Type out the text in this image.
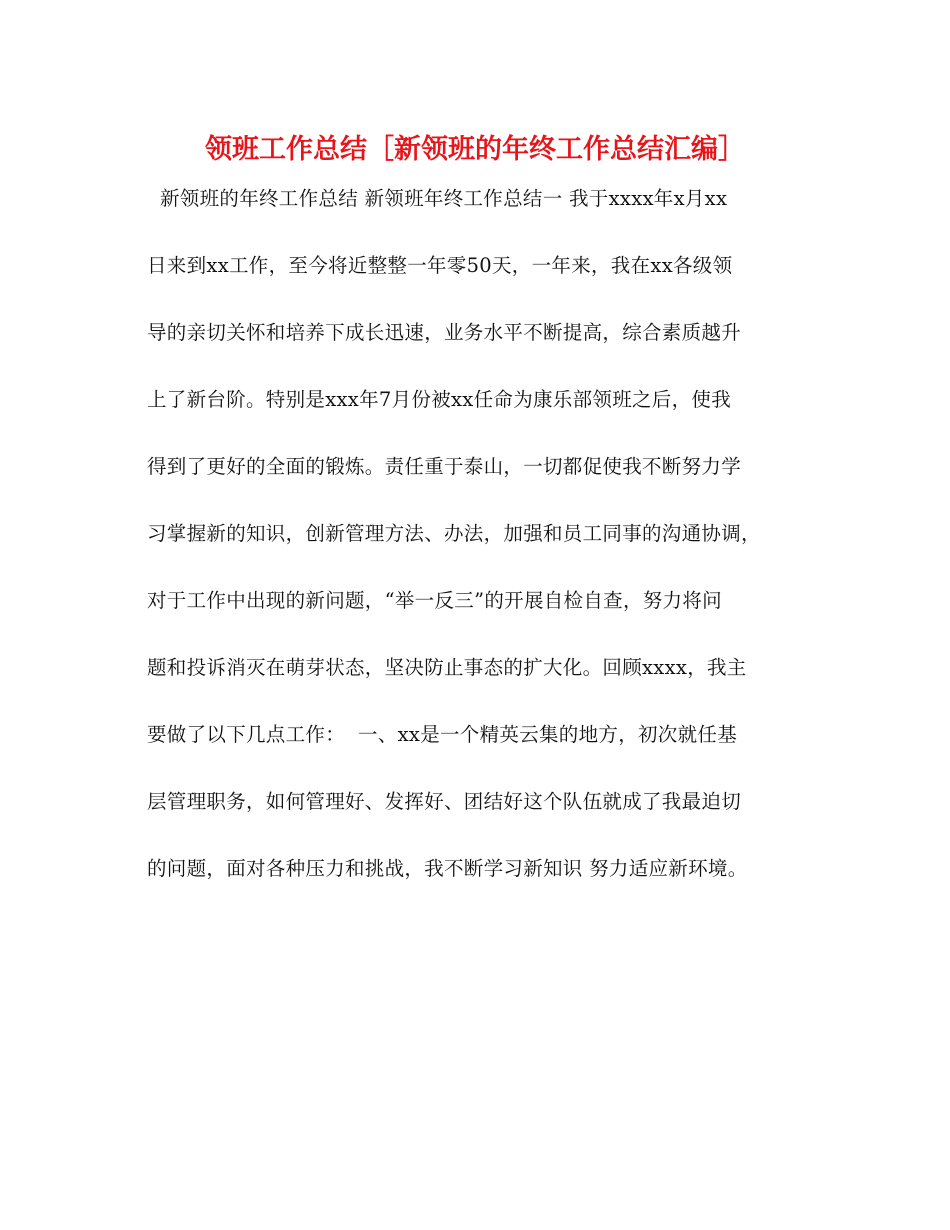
领班工作总结［新领班的年终工作总结汇编］

新领班的年终工作总结 新领班年终工作总结一 我于xxxx年x月xx

日来到xx工作，至今将近整整一年零50天，一年来，我在xx各级领

导的亲切关怀和培养下成长迅速，业务水平不断提高，综合素质越升

上了新台阶。特别是xxx年7月份被xx任命为康乐部领班之后，使我

得到了更好的全面的锻炼。责任重于泰山，一切都促使我不断努力学

习掌握新的知识，创新管理方法、办法，加强和员工同事的沟通协调，

对于工作中出现的新问题，“举一反三”的开展自检自查，努力将问

题和投诉消灭在萌芽状态，坚决防止事态的扩大化。回顾xxxx，我主

要做了以下几点工作：  一、xx是一个精英云集的地方，初次就任基

层管理职务，如何管理好、发挥好、团结好这个队伍就成了我最迫切

的问题，面对各种压力和挑战，我不断学习新知识 努力适应新环境。
